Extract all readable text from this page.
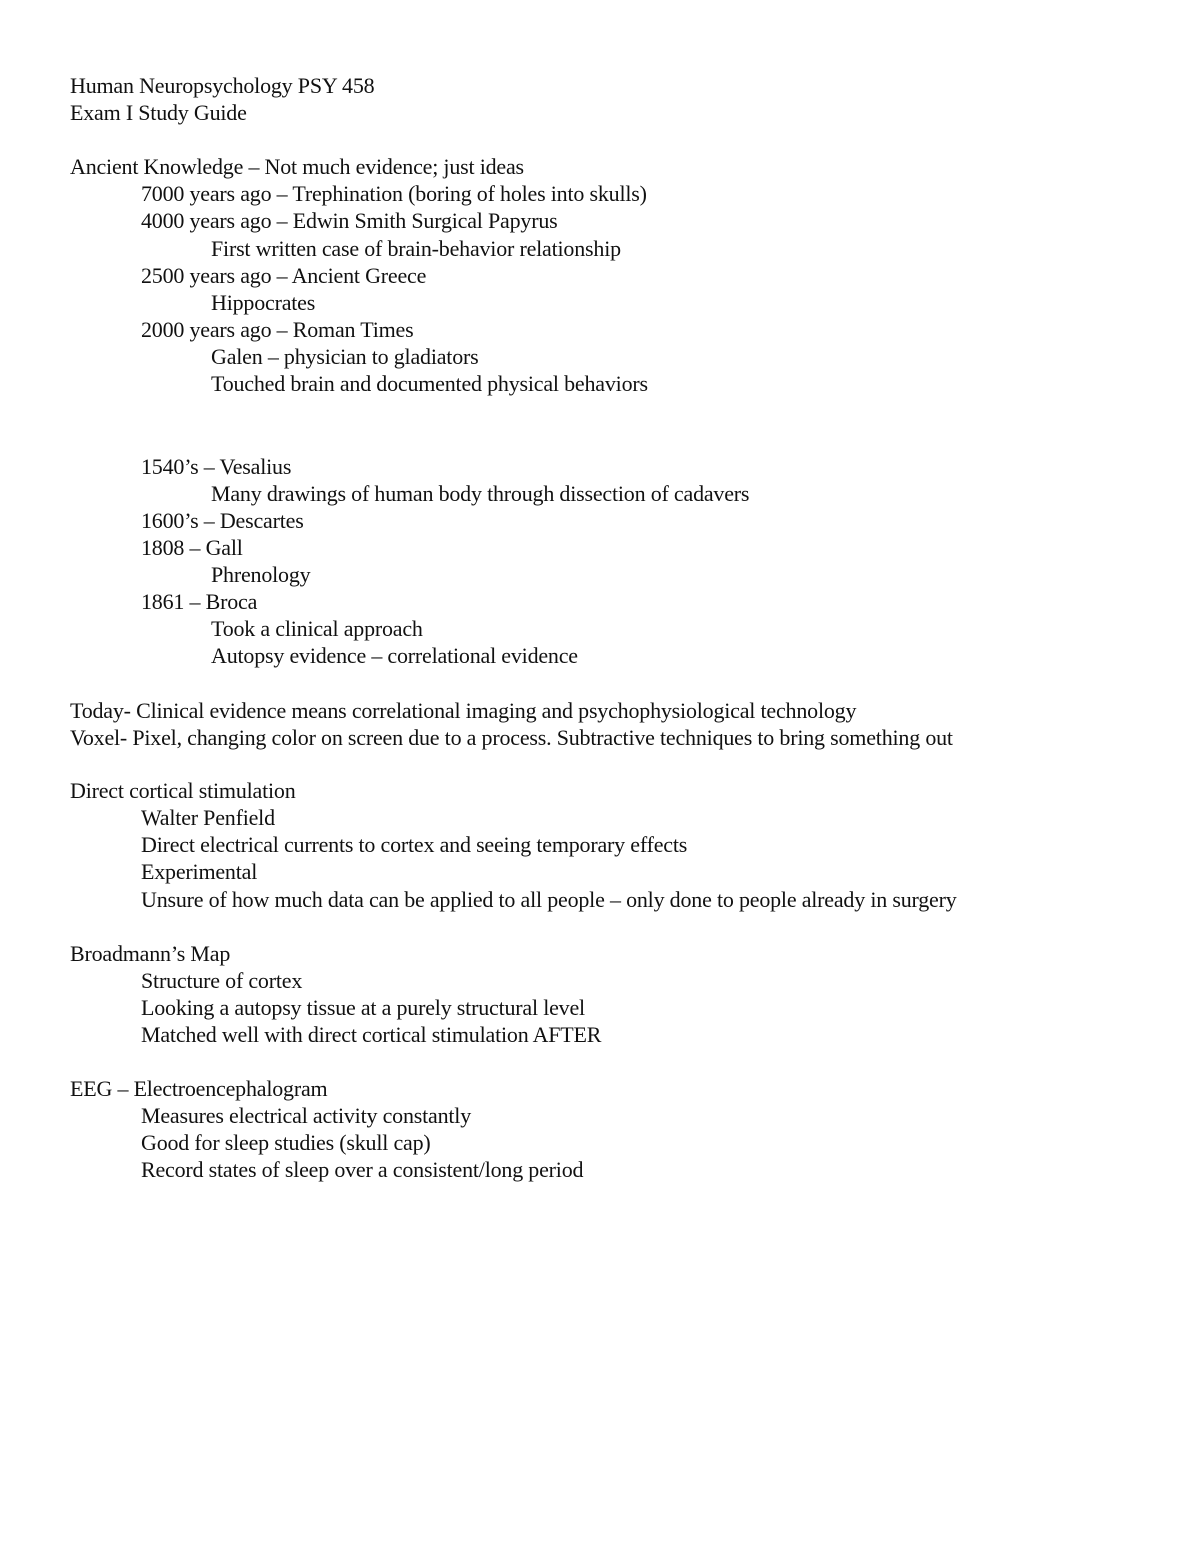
Human Neuropsychology PSY 458
Exam I Study Guide
Ancient Knowledge – Not much evidence; just ideas
7000 years ago – Trephination (boring of holes into skulls)
4000 years ago – Edwin Smith Surgical Papyrus
First written case of brain-behavior relationship
2500 years ago – Ancient Greece
Hippocrates
2000 years ago – Roman Times
Galen – physician to gladiators
Touched brain and documented physical behaviors
1540’s – Vesalius
Many drawings of human body through dissection of cadavers
1600’s – Descartes
1808 – Gall
Phrenology
1861 – Broca
Took a clinical approach
Autopsy evidence – correlational evidence
Today- Clinical evidence means correlational imaging and psychophysiological technology
Voxel- Pixel, changing color on screen due to a process. Subtractive techniques to bring something out
Direct cortical stimulation
Walter Penfield
Direct electrical currents to cortex and seeing temporary effects
Experimental
Unsure of how much data can be applied to all people – only done to people already in surgery
Broadmann’s Map
Structure of cortex
Looking a autopsy tissue at a purely structural level
Matched well with direct cortical stimulation AFTER
EEG – Electroencephalogram
Measures electrical activity constantly
Good for sleep studies (skull cap)
Record states of sleep over a consistent/long period
